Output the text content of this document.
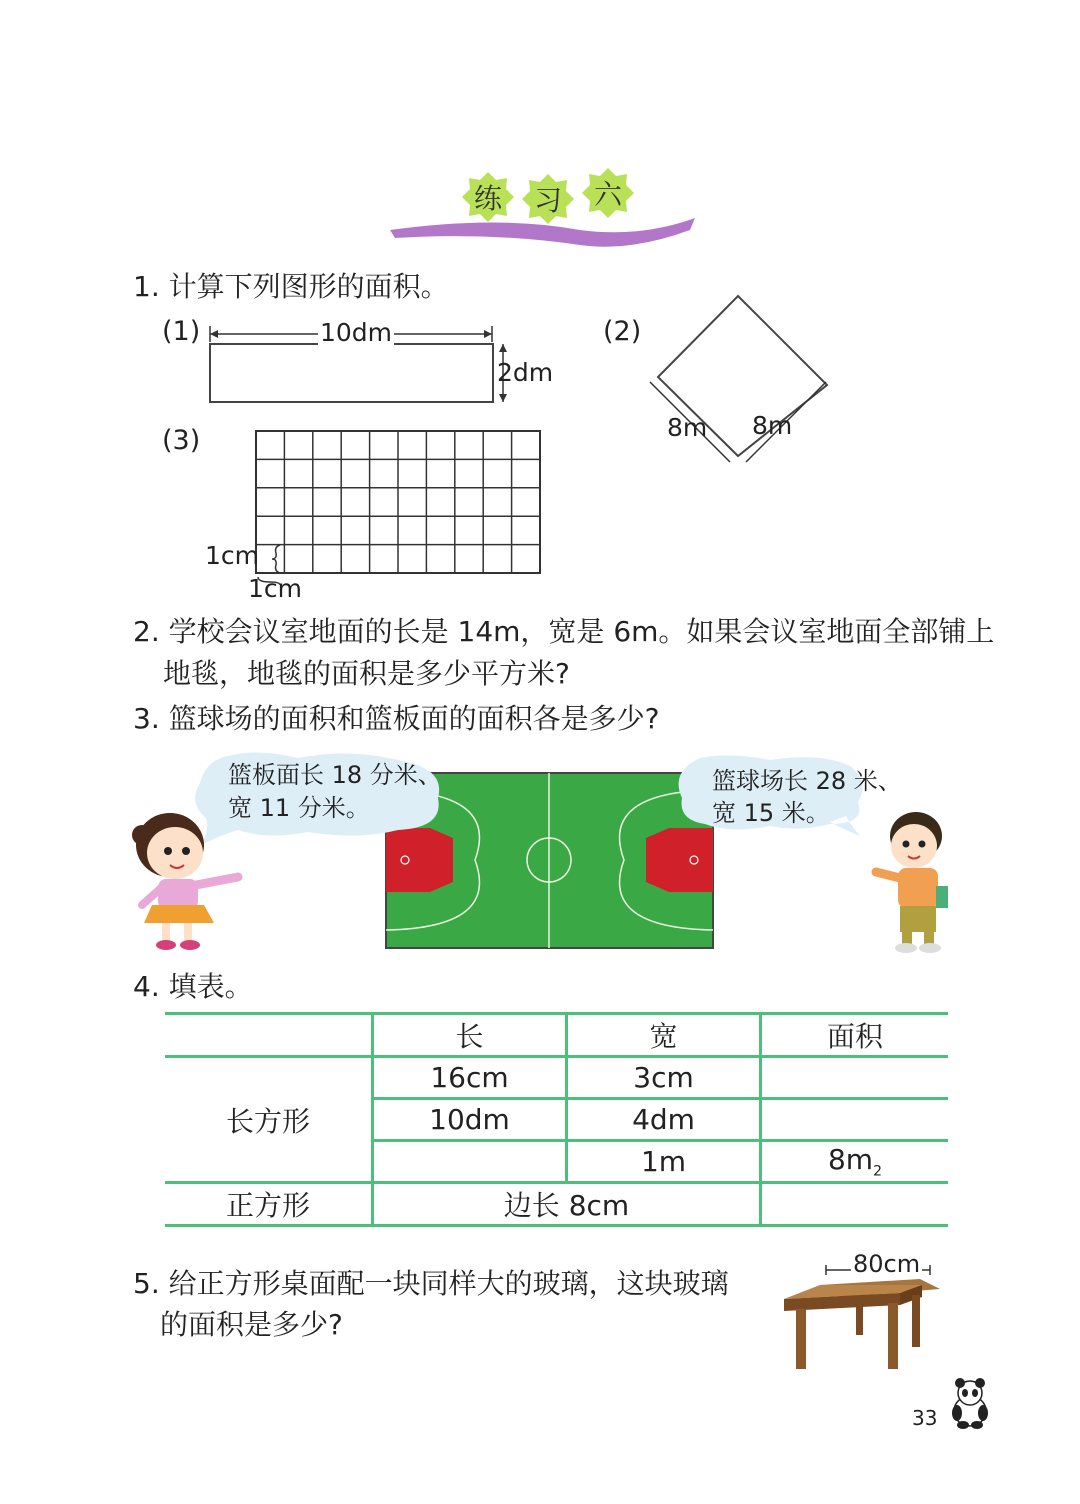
练 习 六
1. 计算下列图形的面积。
(1)	10dm
2dm
(2)
8m 8m
(3)
1cm
1cm
2. 学校会议室地面的长是 14m，宽是 6m。如果会议室地面全部铺上
地毯，地毯的面积是多少平方米?
3. 篮球场的面积和篮板面的面积各是多少?
篮板面长 18 分米、
宽 11 分米。
篮球场长 28 米、
宽 15 米。
4. 填表。
	长	宽	面积
长方形	16cm	3cm	
	10dm	4dm	
		1m	$8m_2$
正方形	边长 8cm		
5. 给正方形桌面配一块同样大的玻璃，这块玻璃
的面积是多少?
80cm
33
